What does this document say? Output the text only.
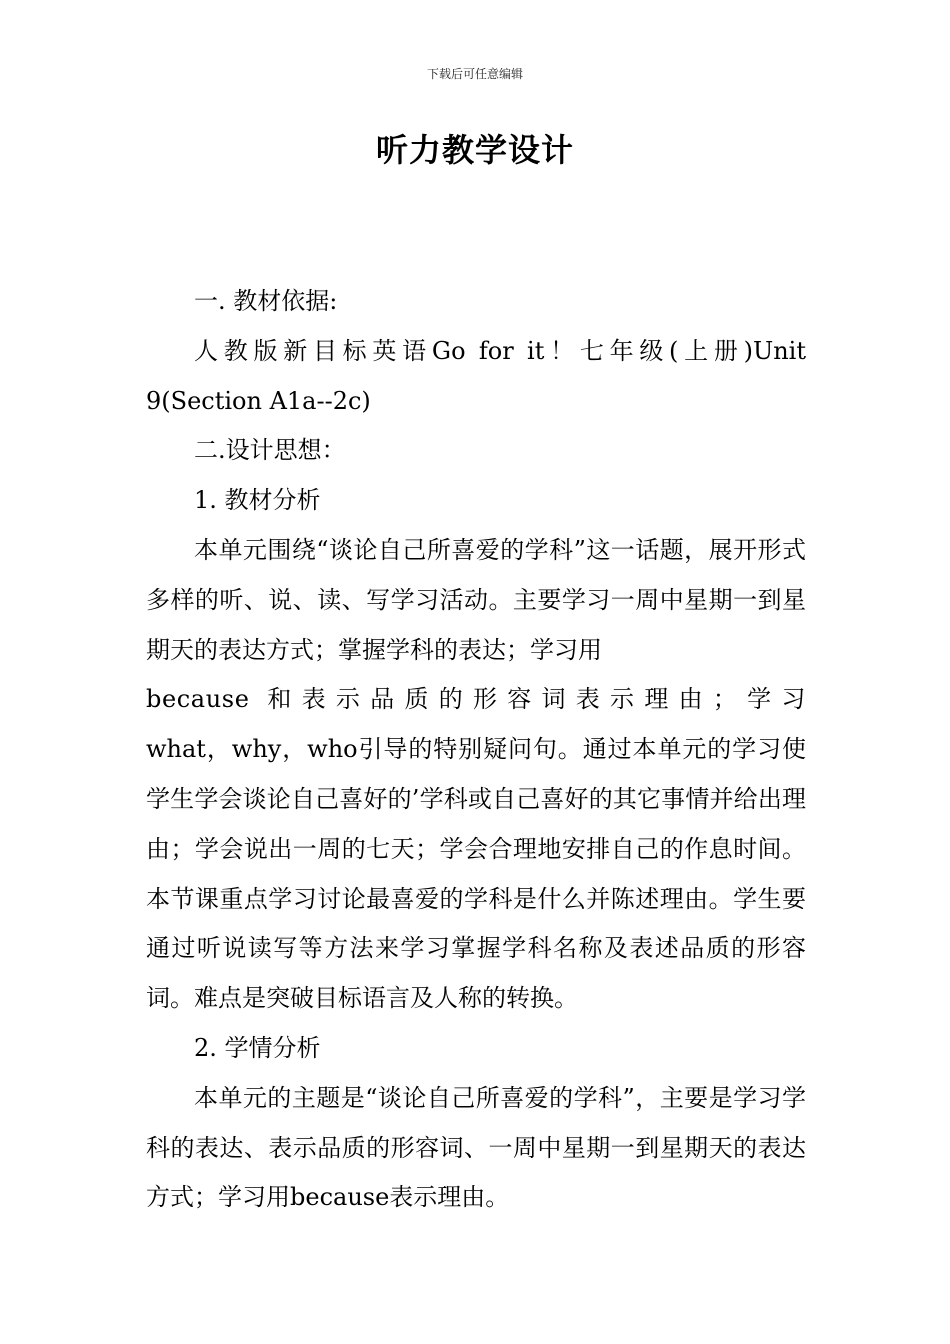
下载后可任意编辑
听力教学设计

一. 教材依据:

人教版新目标英语Go for it！七年级(上册)Unit 9(Section A1a--2c)

二.设计思想：

1. 教材分析

本单元围绕“谈论自己所喜爱的学科”这一话题，展开形式多样的听、说、读、写学习活动。主要学习一周中星期一到星期天的表达方式；掌握学科的表达；学习用

because 和表示品质的形容词表示理由；学习

what，why，who引导的特别疑问句。通过本单元的学习使学生学会谈论自己喜好的’学科或自己喜好的其它事情并给出理由；学会说出一周的七天；学会合理地安排自己的作息时间。本节课重点学习讨论最喜爱的学科是什么并陈述理由。学生要通过听说读写等方法来学习掌握学科名称及表述品质的形容词。难点是突破目标语言及人称的转换。

2. 学情分析

本单元的主题是“谈论自己所喜爱的学科”，主要是学习学科的表达、表示品质的形容词、一周中星期一到星期天的表达方式；学习用because表示理由。
